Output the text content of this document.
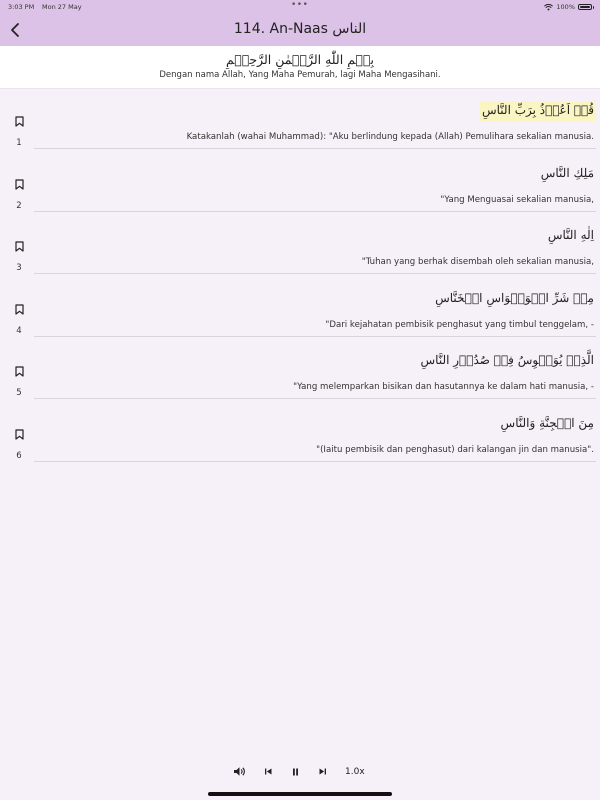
3:03 PM Mon 27 May	•••	100%
114. An-Naas الناس
بِسۡمِ اللّٰهِ الرَّحۡمٰنِ الرَّحِيۡمِ
Dengan nama Allah, Yang Maha Pemurah, lagi Maha Mengasihani.
1
قُلۡ اَعُوۡذُ بِرَبِّ النَّاسِ
Katakanlah (wahai Muhammad): "Aku berlindung kepada (Allah) Pemulihara sekalian manusia.
2
مَلِكِ النَّاسِ
"Yang Menguasai sekalian manusia,
3
اِلٰهِ النَّاسِ
"Tuhan yang berhak disembah oleh sekalian manusia,
4
مِنۡ شَرِّ الۡوَسۡوَاسِ الۡخَنَّاسِ
"Dari kejahatan pembisik penghasut yang timbul tenggelam, -
5
الَّذِىۡ يُوَسۡوِسُ فِىۡ صُدُوۡرِ النَّاسِ
"Yang melemparkan bisikan dan hasutannya ke dalam hati manusia, -
6
مِنَ الۡجِنَّةِ وَالنَّاسِ
"(Iaitu pembisik dan penghasut) dari kalangan jin dan manusia".
1.0x
